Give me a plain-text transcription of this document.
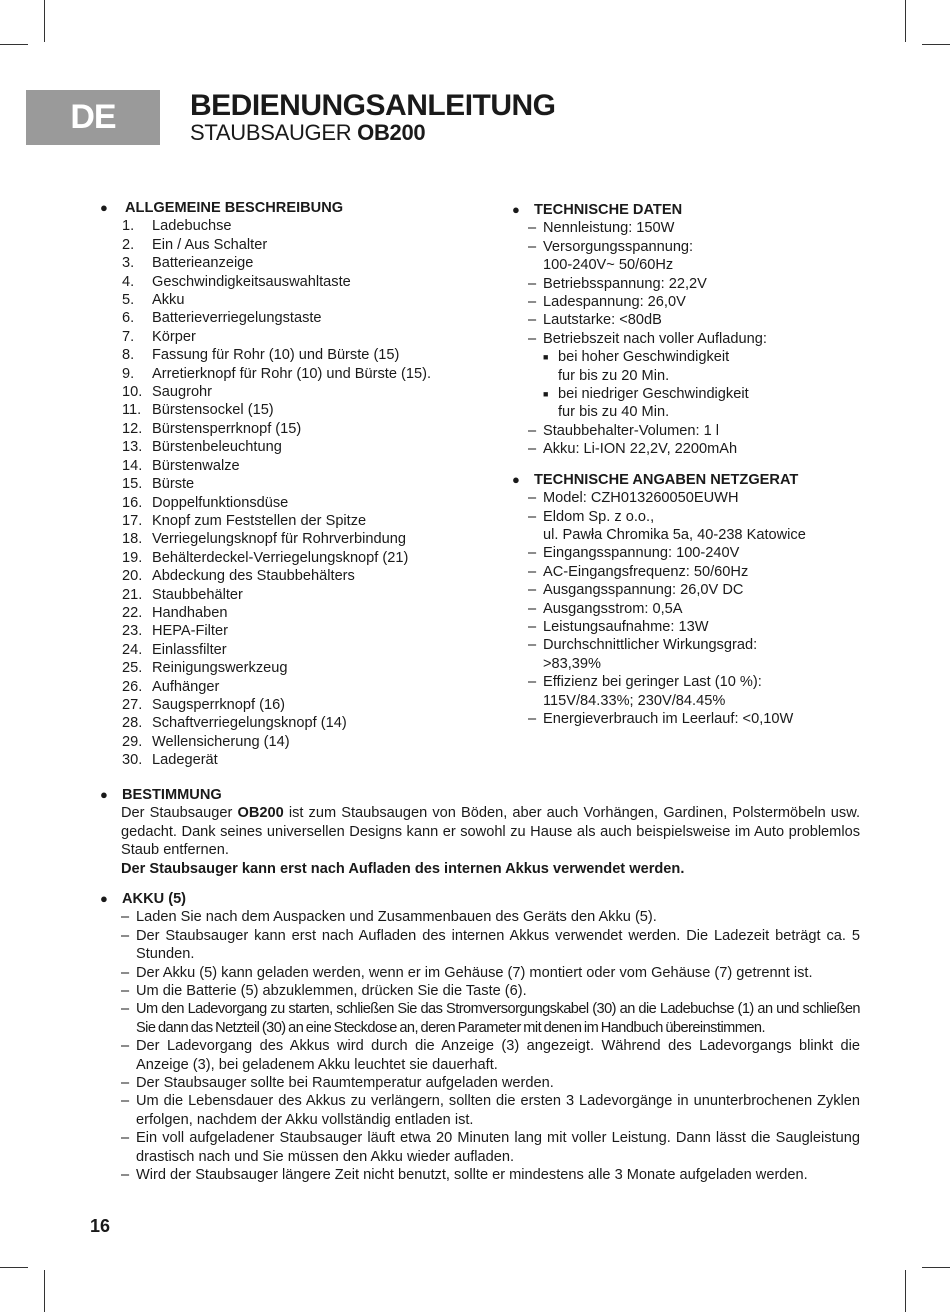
DE	BEDIENUNGSANLEITUNG

STAUBSAUGER OB200

●	ALLGEMEINE BESCHREIBUNG
1.	Ladebuchse
2.	Ein / Aus Schalter
3.	Batterieanzeige
4.	Geschwindigkeitsauswahltaste
5.	Akku
6.	Batterieverriegelungstaste
7.	Körper
8.	Fassung für Rohr (10) und Bürste (15)
9.	Arretierknopf für Rohr (10) und Bürste (15).
10. Saugrohr
11. Bürstensockel (15)
12. Bürstensperrknopf (15)
13. Bürstenbeleuchtung
14. Bürstenwalze
15. Bürste
16. Doppelfunktionsdüse
17. Knopf zum Feststellen der Spitze
18. Verriegelungsknopf für Rohrverbindung
19. Behälterdeckel-Verriegelungsknopf (21)
20. Abdeckung des Staubbehälters
21. Staubbehälter
22. Handhaben
23. HEPA-Filter
24. Einlassfilter
25. Reinigungswerkzeug
26. Aufhänger
27. Saugsperrknopf (16)
28. Schaftverriegelungsknopf (14)
29. Wellensicherung (14)
30. Ladegerät
● TECHNISCHE DATEN
– Nennleistung: 150W
– Versorgungsspannung:
100-240V~ 50/60Hz
– Betriebsspannung: 22,2V
– Ladespannung: 26,0V
– Lautstarke: <80dB
– Betriebszeit nach voller Aufladung:
■ bei hoher Geschwindigkeit
fur bis zu 20 Min.
■ bei niedriger Geschwindigkeit
fur bis zu 40 Min.
– Staubbehalter-Volumen: 1 l
– Akku: Li-ION 22,2V, 2200mAh
● TECHNISCHE ANGABEN NETZGERAT
– Model: CZH013260050EUWH
– Eldom Sp. z o.o.,
ul. Pawła Chromika 5a, 40-238 Katowice
– Eingangsspannung: 100-240V
– AC-Eingangsfrequenz: 50/60Hz
– Ausgangsspannung: 26,0V DC
– Ausgangsstrom: 0,5A
– Leistungsaufnahme: 13W
– Durchschnittlicher Wirkungsgrad:
>83,39%
– Effizienz bei geringer Last (10 %):
115V/84.33%; 230V/84.45%
– Energieverbrauch im Leerlauf: <0,10W
● BESTIMMUNG
Der Staubsauger OB200 ist zum Staubsaugen von Böden, aber auch Vorhängen, Gardinen, Polstermöbeln usw. gedacht. Dank seines universellen Designs kann er sowohl zu Hause als auch beispielsweise im Auto problemlos Staub entfernen.
Der Staubsauger kann erst nach Aufladen des internen Akkus verwendet werden.
● AKKU (5)
– Laden Sie nach dem Auspacken und Zusammenbauen des Geräts den Akku (5).
– Der Staubsauger kann erst nach Aufladen des internen Akkus verwendet werden. Die Ladezeit beträgt ca. 5 Stunden.
– Der Akku (5) kann geladen werden, wenn er im Gehäuse (7) montiert oder vom Gehäuse (7) getrennt ist.
– Um die Batterie (5) abzuklemmen, drücken Sie die Taste (6).
– Um den Ladevorgang zu starten, schließen Sie das Stromversorgungskabel (30) an die Ladebuchse (1) an und schließen Sie dann das Netzteil (30) an eine Steckdose an, deren Parameter mit denen im Handbuch übereinstimmen.
– Der Ladevorgang des Akkus wird durch die Anzeige (3) angezeigt. Während des Ladevorgangs blinkt die Anzeige (3), bei geladenem Akku leuchtet sie dauerhaft.
– Der Staubsauger sollte bei Raumtemperatur aufgeladen werden.
– Um die Lebensdauer des Akkus zu verlängern, sollten die ersten 3 Ladevorgänge in ununterbrochenen Zyklen erfolgen, nachdem der Akku vollständig entladen ist.
– Ein voll aufgeladener Staubsauger läuft etwa 20 Minuten lang mit voller Leistung. Dann lässt die Saugleistung drastisch nach und Sie müssen den Akku wieder aufladen.
– Wird der Staubsauger längere Zeit nicht benutzt, sollte er mindestens alle 3 Monate aufgeladen werden.
16
